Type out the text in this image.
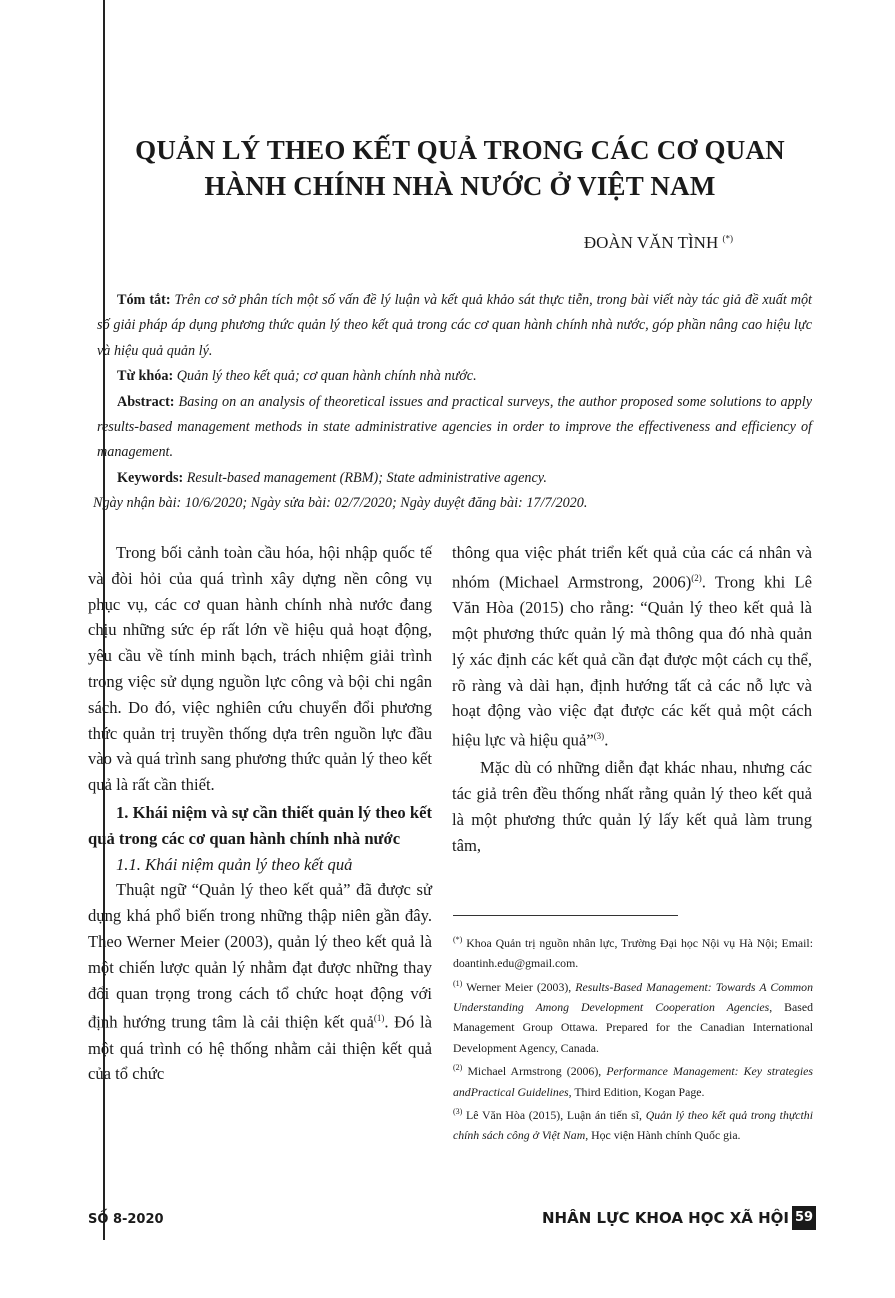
QUẢN LÝ THEO KẾT QUẢ TRONG CÁC CƠ QUAN
HÀNH CHÍNH NHÀ NƯỚC Ở VIỆT NAM
ĐOÀN VĂN TÌNH (*)

Tóm tắt: Trên cơ sở phân tích một số vấn đề lý luận và kết quả khảo sát thực tiễn, trong bài viết này tác giả đề xuất một số giải pháp áp dụng phương thức quản lý theo kết quả trong các cơ quan hành chính nhà nước, góp phần nâng cao hiệu lực và hiệu quả quản lý.

Từ khóa: Quản lý theo kết quả; cơ quan hành chính nhà nước.

Abstract: Basing on an analysis of theoretical issues and practical surveys, the author proposed some solutions to apply results-based management methods in state administrative agencies in order to improve the effectiveness and efficiency of management.

Keywords: Result-based management (RBM); State administrative agency.

Ngày nhận bài: 10/6/2020; Ngày sửa bài: 02/7/2020; Ngày duyệt đăng bài: 17/7/2020.

Trong bối cảnh toàn cầu hóa, hội nhập quốc tế và đòi hỏi của quá trình xây dựng nền công vụ phục vụ, các cơ quan hành chính nhà nước đang chịu những sức ép rất lớn về hiệu quả hoạt động, yêu cầu về tính minh bạch, trách nhiệm giải trình trong việc sử dụng nguồn lực công và bội chi ngân sách. Do đó, việc nghiên cứu chuyển đổi phương thức quản trị truyền thống dựa trên nguồn lực đầu vào và quá trình sang phương thức quản lý theo kết quả là rất cần thiết.

1. Khái niệm và sự cần thiết quản lý theo kết quả trong các cơ quan hành chính nhà nước

1.1. Khái niệm quản lý theo kết quả

Thuật ngữ “Quản lý theo kết quả” đã được sử dụng khá phổ biến trong những thập niên gần đây. Theo Werner Meier (2003), quản lý theo kết quả là một chiến lược quản lý nhằm đạt được những thay đổi quan trọng trong cách tổ chức hoạt động với định hướng trung tâm là cải thiện kết quả$^{(1)}$. Đó là một quá trình có hệ thống nhằm cải thiện kết quả của tổ chức

thông qua việc phát triển kết quả của các cá nhân và nhóm (Michael Armstrong, 2006)$^{(2)}$. Trong khi Lê Văn Hòa (2015) cho rằng: “Quản lý theo kết quả là một phương thức quản lý mà thông qua đó nhà quản lý xác định các kết quả cần đạt được một cách cụ thể, rõ ràng và dài hạn, định hướng tất cả các nỗ lực và hoạt động vào việc đạt được các kết quả một cách hiệu lực và hiệu quả”$^{(3)}$.

Mặc dù có những diễn đạt khác nhau, nhưng các tác giả trên đều thống nhất rằng quản lý theo kết quả là một phương thức quản lý lấy kết quả làm trung tâm,

(*) Khoa Quản trị nguồn nhân lực, Trường Đại học Nội vụ Hà Nội; Email: doantinh.edu@gmail.com.

$^{(1)}$ Werner Meier (2003), Results-Based Management: Towards A Common Understanding Among Development Cooperation Agencies, Based Management Group Ottawa. Prepared for the Canadian International Development Agency, Canada.

$^{(2)}$ Michael Armstrong (2006), Performance Management: Key strategies andPractical Guidelines, Third Edition, Kogan Page.

$^{(3)}$ Lê Văn Hòa (2015), Luận án tiến sĩ, Quản lý theo kết quả trong thựcthi chính sách công ở Việt Nam, Học viện Hành chính Quốc gia.

SỐ 8-2020	NHÂN LỰC KHOA HỌC XÃ HỘI 59
